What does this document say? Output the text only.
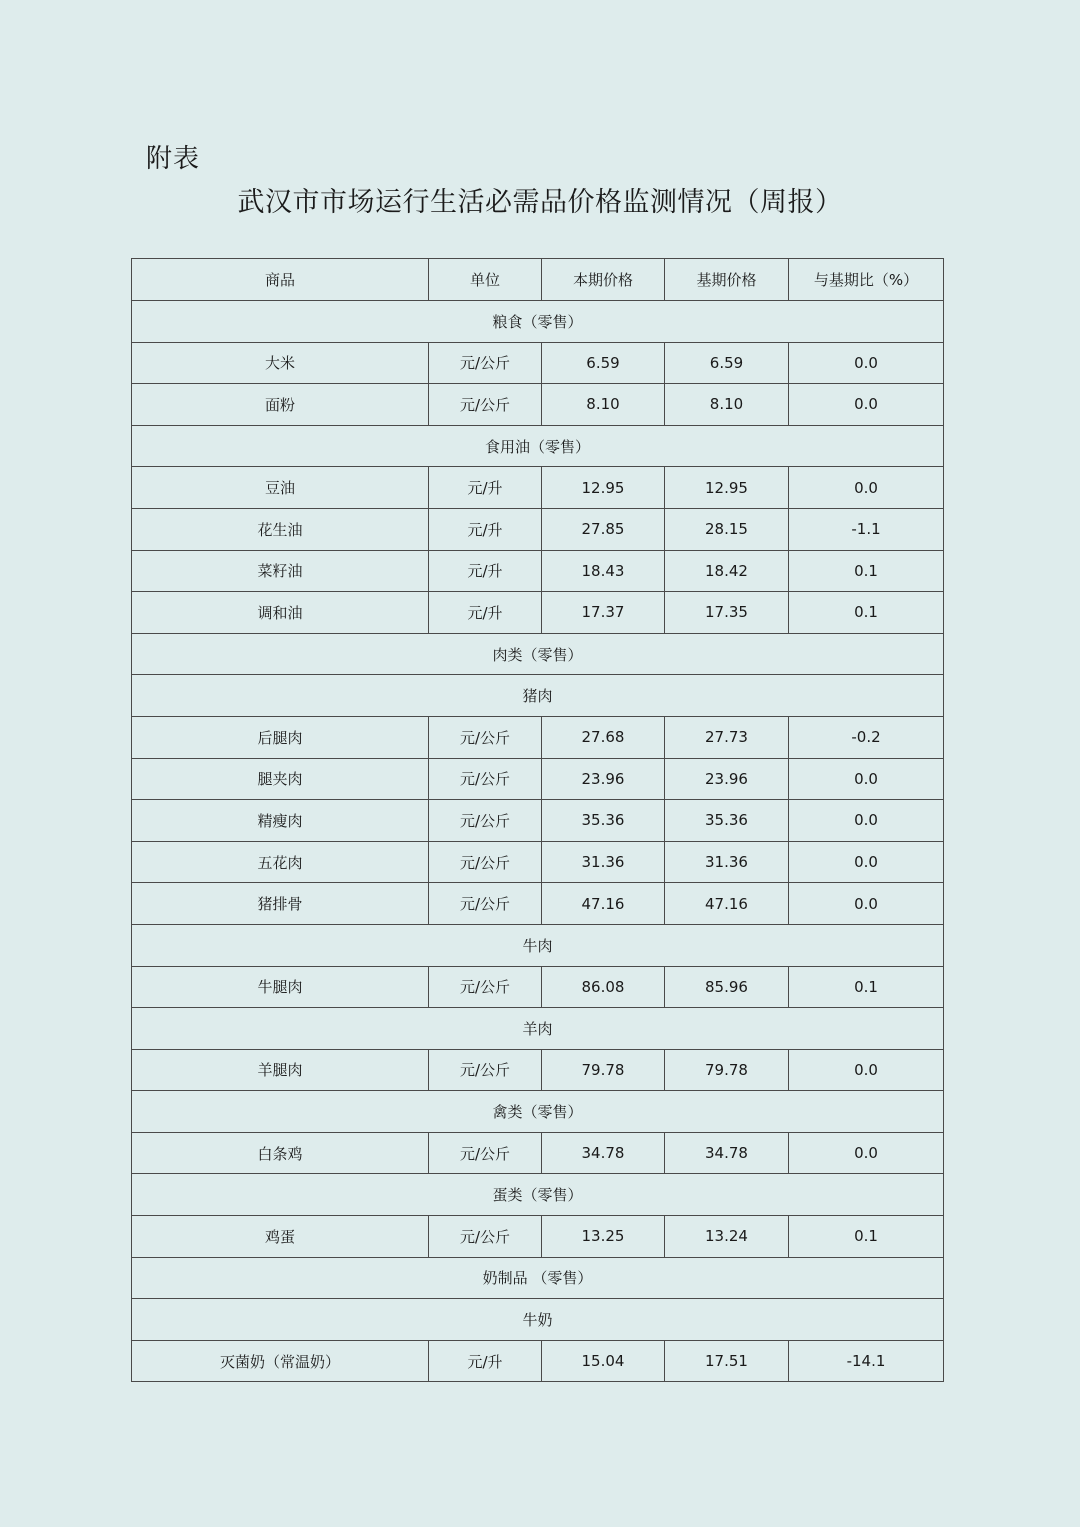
附表
武汉市市场运行生活必需品价格监测情况（周报）
商品	单位	本期价格	基期价格	与基期比（%）
粮食（零售）				
大米	元/公斤	6.59	6.59	0.0
面粉	元/公斤	8.10	8.10	0.0
食用油（零售）				
豆油	元/升	12.95	12.95	0.0
花生油	元/升	27.85	28.15	-1.1
菜籽油	元/升	18.43	18.42	0.1
调和油	元/升	17.37	17.35	0.1
肉类（零售）				
猪肉				
后腿肉	元/公斤	27.68	27.73	-0.2
腿夹肉	元/公斤	23.96	23.96	0.0
精瘦肉	元/公斤	35.36	35.36	0.0
五花肉	元/公斤	31.36	31.36	0.0
猪排骨	元/公斤	47.16	47.16	0.0
牛肉				
牛腿肉	元/公斤	86.08	85.96	0.1
羊肉				
羊腿肉	元/公斤	79.78	79.78	0.0
禽类（零售）				
白条鸡	元/公斤	34.78	34.78	0.0
蛋类（零售）				
鸡蛋	元/公斤	13.25	13.24	0.1
奶制品 （零售）				
牛奶				
灭菌奶（常温奶）	元/升	15.04	17.51	-14.1
